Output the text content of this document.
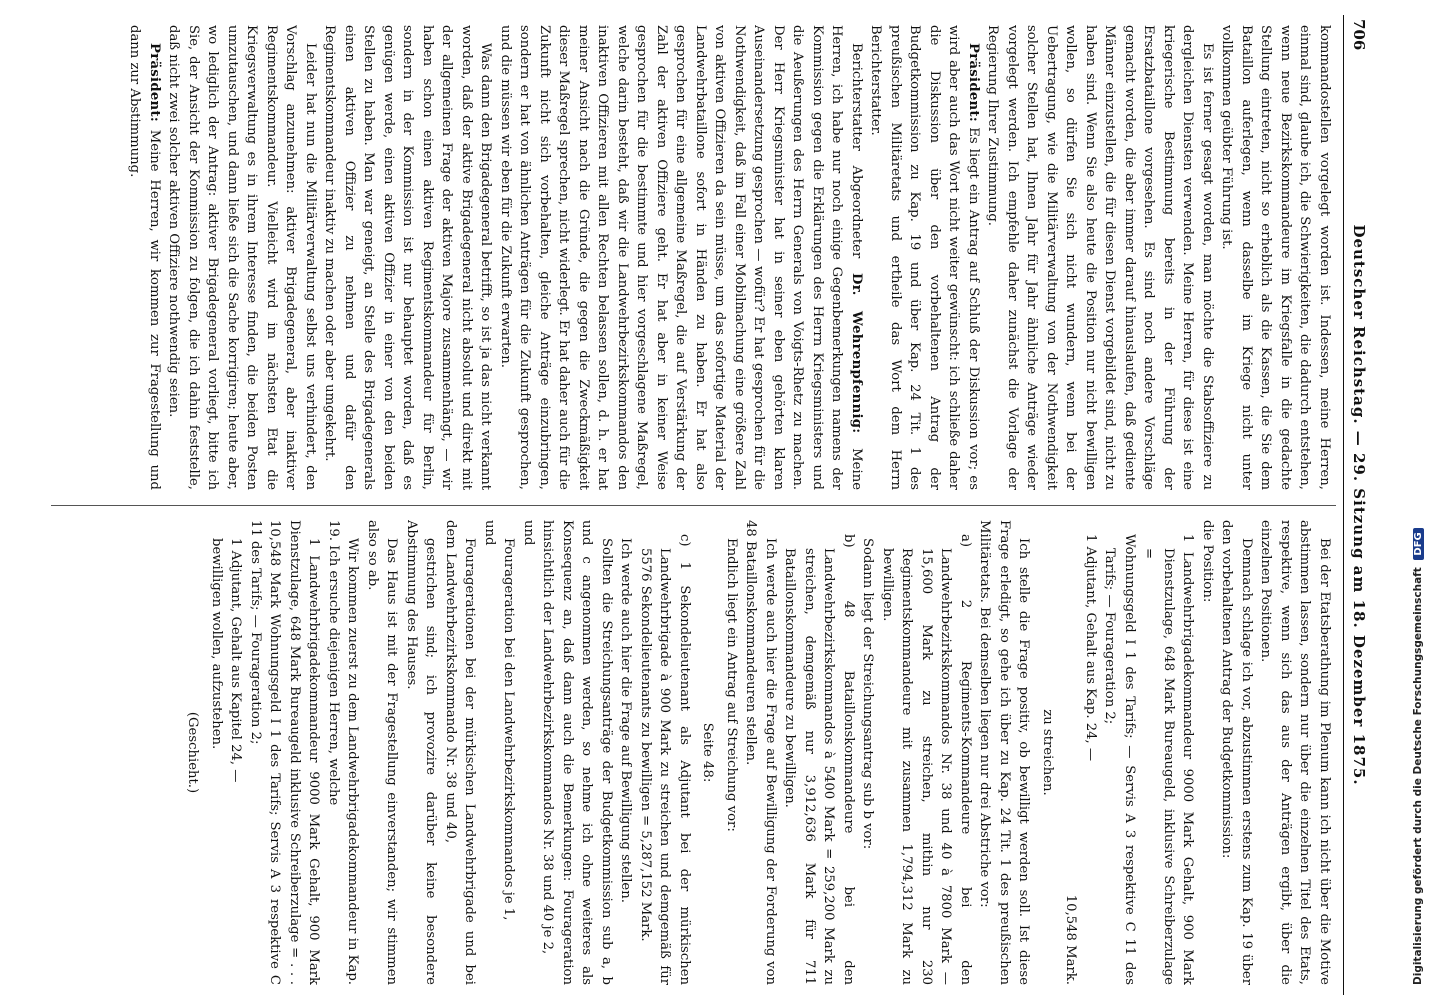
706
Deutscher Reichstag. — 29. Sitzung am 18. Dezember 1875.

kommandostellen vorgelegt worden ist. Indessen, meine Herren, einmal sind, glaube ich, die Schwierigkeiten, die dadurch entstehen, wenn neue Bezirkskommandeure im Kriegsfalle in die gedachte Stellung eintreten, nicht so erheblich als die Kassen, die Sie dem Bataillon auferlegen, wenn dasselbe im Kriege nicht unter vollkommen geübter Führung ist.

Es ist ferner gesagt worden, man möchte die Stabsoffiziere zu dergleichen Diensten verwenden. Meine Herren, für diese ist eine kriegerische Bestimmung bereits in der Führung der Ersatzbataillone vorgesehen. Es sind noch andere Vorschläge gemacht worden, die aber immer darauf hinauslaufen, daß gediente Männer einzustellen, die für diesen Dienst vorgebildet sind, nicht zu haben sind. Wenn Sie also heute die Position nur nicht bewilligen wollen, so dürfen Sie sich nicht wundern, wenn bei der Uebertragung, wie die Militärverwaltung von der Nothwendigkeit solcher Stellen hat, Ihnen Jahr für Jahr ähnliche Anträge wieder vorgelegt werden. Ich empfehle daher zunächst die Vorlage der Regierung Ihrer Zustimmung.

Präsident: Es liegt ein Antrag auf Schluß der Diskussion vor; es wird aber auch das Wort nicht weiter gewünscht: ich schließe daher die Diskussion über den vorbehaltenen Antrag der Budgetkommission zu Kap. 19 und über Kap. 24 Tit. 1 des preußischen Militäretats und ertheile das Wort dem Herrn Berichterstatter.

Berichterstatter Abgeordneter Dr. Wehrenpfennig: Meine Herren, ich habe nur noch einige Gegenbemerkungen namens der Kommission gegen die Erklärungen des Herrn Kriegsministers und die Aeußerungen des Herrn Generals von Voigts-Rhetz zu machen. Der Herr Kriegsminister hat in seiner eben gehörten klaren Auseinandersetzung gesprochen — wofür? Er hat gesprochen für die Nothwendigkeit, daß im Fall einer Mobilmachung eine größere Zahl von aktiven Offizieren da sein müsse, um das sofortige Material der Landwehrbataillone sofort in Händen zu haben. Er hat also gesprochen für eine allgemeine Maßregel, die auf Verstärkung der Zahl der aktiven Offiziere geht. Er hat aber in keiner Weise gesprochen für die bestimmte und hier vorgeschlagene Maßregel, welche darin besteht, daß wir die Landwehrbezirkskommandos den inaktiven Offizieren mit allen Rechten belassen sollen, d. h. er hat meiner Ansicht nach die Gründe, die gegen die Zweckmäßigkeit dieser Maßregel sprechen, nicht widerlegt. Er hat daher auch für die Zukunft nicht sich vorbehalten, gleiche Anträge einzubringen, sondern er hat von ähnlichen Anträgen für die Zukunft gesprochen, und die müssen wir eben für die Zukunft erwarten.

Was dann den Brigadegeneral betrifft, so ist ja das nicht verkannt worden, daß der aktive Brigadegeneral nicht absolut und direkt mit der allgemeinen Frage der aktiven Majore zusammenhängt, — wir haben schon einen aktiven Regimentskommandeur für Berlin, sondern in der Kommission ist nur behauptet worden, daß es genügen werde, einen aktiven Offizier in einer von den beiden Stellen zu haben. Man war geneigt, an Stelle des Brigadegenerals einen aktiven Offizier zu nehmen und dafür den Regimentskommandeur inaktiv zu machen oder aber umgekehrt.

Leider hat nun die Militärverwaltung selbst uns verhindert, den Vorschlag anzunehmen: aktiver Brigadegeneral, aber inaktiver Regimentskommandeur. Vielleicht wird im nächsten Etat die Kriegsverwaltung es in ihrem Interesse finden, die beiden Posten umzutauschen, und dann ließe sich die Sache korrigiren; heute aber, wo lediglich der Antrag: aktiver Brigadegeneral vorliegt, bitte ich Sie, der Ansicht der Kommission zu folgen, die ich dahin feststelle, daß nicht zwei solcher aktiven Offiziere nothwendig seien.

Präsident: Meine Herren, wir kommen zur Fragestellung und dann zur Abstimmung.

Bei der Etatsberathung im Plenum kann ich nicht über die Motive abstimmen lassen, sondern nur über die einzelnen Titel des Etats, respektive, wenn sich das aus der Anträgen ergibt, über die einzelnen Positionen.

Demnach schlage ich vor, abzustimmen erstens zum Kap. 19 über den vorbehaltenen Antrag der Budgetkommission:

die Position:

1 Landwehrbrigadekommandeur 9000 Mark Gehalt, 900 Mark Dienstzulage, 648 Mark Bureaugeld, inklusive Schreiberzulage =

Wohnungsgeld I 1 des Tarifs; — Servis A 3 respektive C 11 des Tarifs; — Fourageration 2;

1 Adjutant, Gehalt aus Kap. 24, —

10,548 Mark.

zu streichen.

Ich stelle die Frage positiv, ob bewilligt werden soll. Ist diese Frage erledigt, so gehe ich über zu Kap. 24 Tit. 1 des preußischen Militäretats. Bei demselben liegen nur drei Abstriche vor:

a) 2 Regiments-Kommandeure bei den Landwehrbezirkskommandos Nr. 38 und 40 à 7800 Mark — 15,600 Mark zu streichen, mithin nur 230 Regimentskommandeure mit zusammen 1,794,312 Mark zu bewilligen.

Sodann liegt der Streichungsantrag sub b vor:

b) 48 Bataillonskommandeure bei den Landwehrbezirkskommandos à 5400 Mark = 259,200 Mark zu streichen, demgemäß nur 3,912,636 Mark für 711 Bataillonskommandeure zu bewilligen.

Ich werde auch hier die Frage auf Bewilligung der Forderung von 48 Bataillonskommandeuren stellen.

Endlich liegt ein Antrag auf Streichung vor:

Seite 48:

c) 1 Sekondelieutenant als Adjutant bei der mürkischen Landwehrbrigade à 900 Mark zu streichen und demgemäß für 5576 Sekondelieutenants zu bewilligen = 5,287,152 Mark.

Ich werde auch hier die Frage auf Bewilligung stellen.

Sollten die Streichungsanträge der Budgetkommission sub a, b und c angenommen werden, so nehme ich ohne weiteres als Konsequenz an, daß dann auch die Bemerkungen: Fourageration hinsichtlich der Landwehrbezirkskommandos Nr. 38 und 40 je 2,

und

Fourageration bei den Landwehrbezirkskommandos je 1,

und

Fouragerationen bei der mürkischen Landwehrbrigade und bei dem Landwehrbezirkskommando Nr. 38 und 40,

gestrichen sind; ich provozire darüber keine besondere Abstimmung des Hauses.

Das Haus ist mit der Fragestellung einverstanden; wir stimmen also so ab.

Wir kommen zuerst zu dem Landwehrbrigadekommandeur in Kap. 19. Ich ersuche diejenigen Herren, welche

1 Landwehrbrigadekommandeur 9000 Mark Gehalt, 900 Mark Dienstzulage, 648 Mark Bureaugeld inklusive Schreiberzulage = . . . 10,548 Mark Wohnungsgeld I 1 des Tarifs; Servis A 3 respektive C 11 des Tarifs; — Fourageration 2;

1 Adjutant, Gehalt aus Kapitel 24, —

bewilligen wollen, aufzustehen.

(Geschieht.)	Digitalisierung gefördert durch die Deutsche Forschungsgemeinschaft DFG
